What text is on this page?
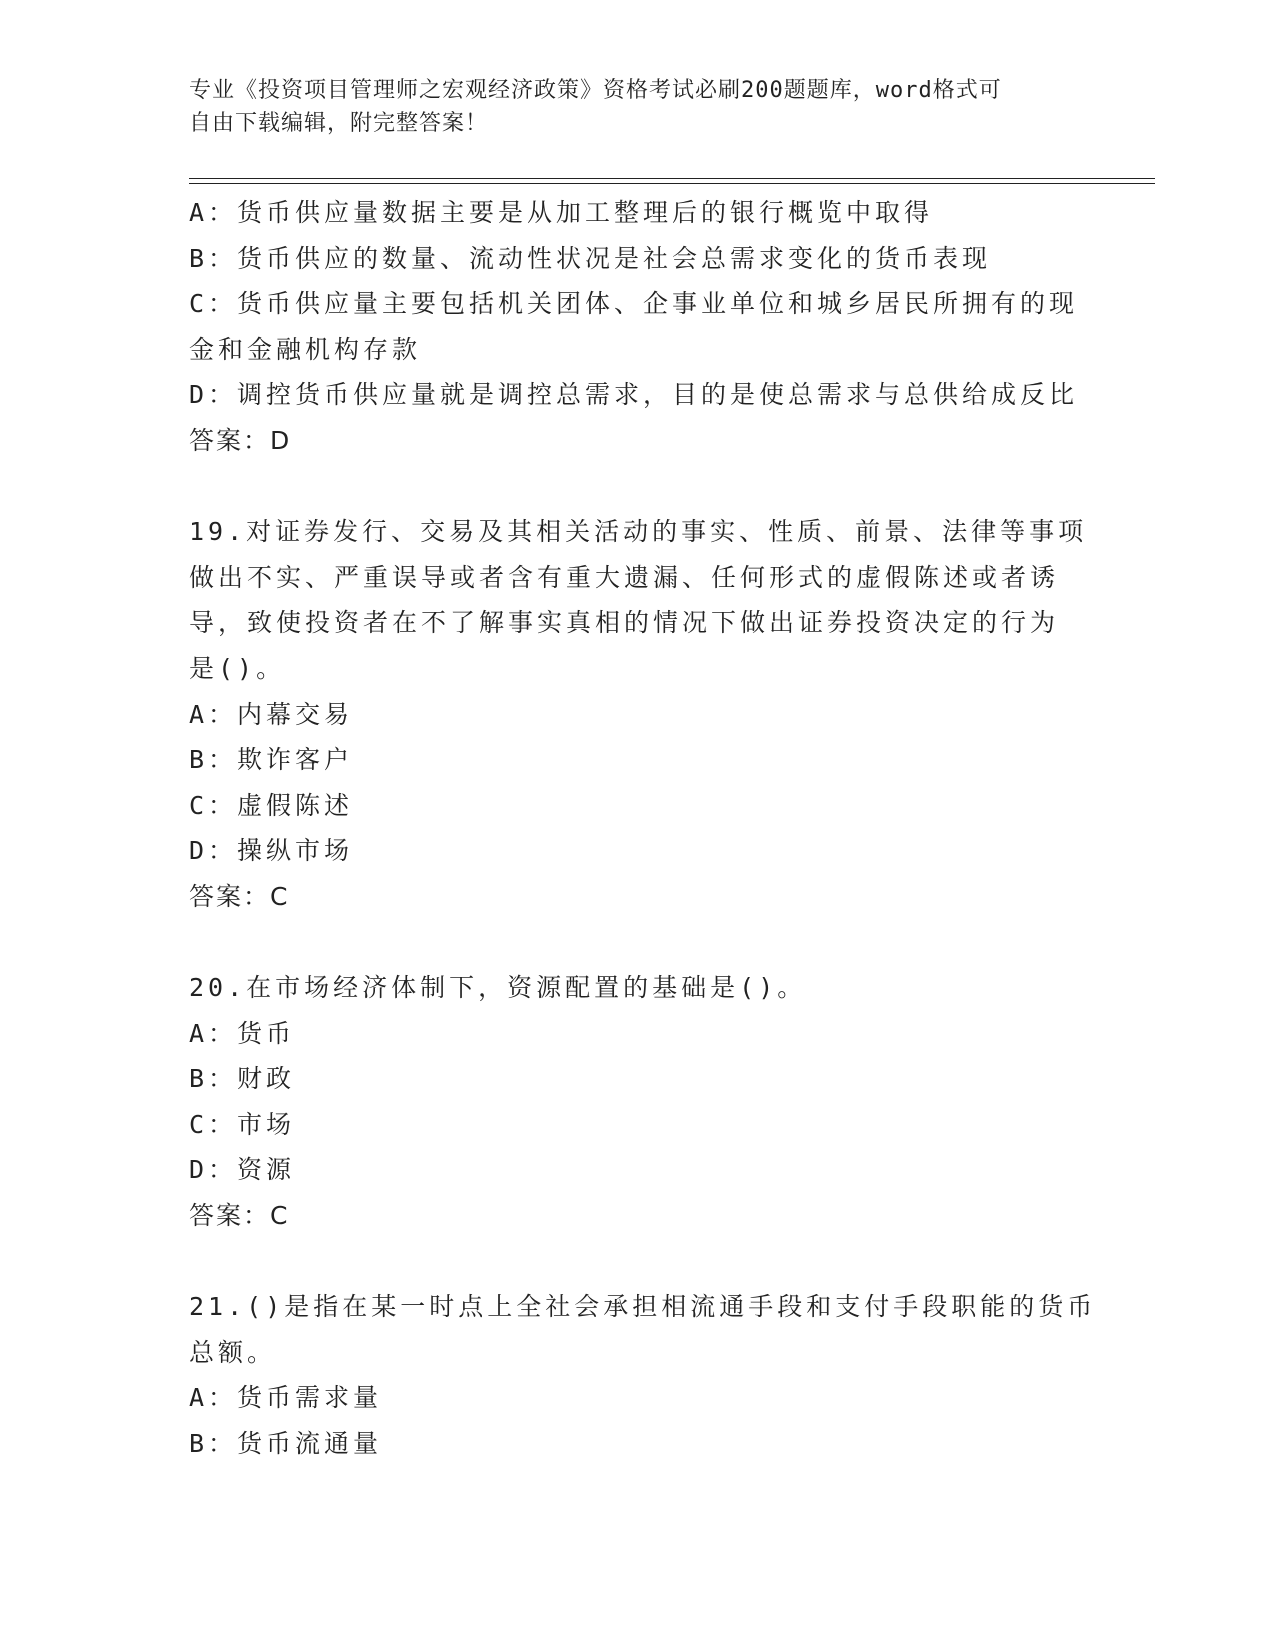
专业《投资项目管理师之宏观经济政策》资格考试必刷200题题库，word格式可
自由下载编辑，附完整答案！
A：货币供应量数据主要是从加工整理后的银行概览中取得
B：货币供应的数量、流动性状况是社会总需求变化的货币表现
C：货币供应量主要包括机关团体、企事业单位和城乡居民所拥有的现
金和金融机构存款
D：调控货币供应量就是调控总需求，目的是使总需求与总供给成反比
答案：D
19.对证券发行、交易及其相关活动的事实、性质、前景、法律等事项
做出不实、严重误导或者含有重大遗漏、任何形式的虚假陈述或者诱
导，致使投资者在不了解事实真相的情况下做出证券投资决定的行为
是()。
A：内幕交易
B：欺诈客户
C：虚假陈述
D：操纵市场
答案：C
20.在市场经济体制下，资源配置的基础是()。
A：货币
B：财政
C：市场
D：资源
答案：C
21.()是指在某一时点上全社会承担相流通手段和支付手段职能的货币
总额。
A：货币需求量
B：货币流通量
